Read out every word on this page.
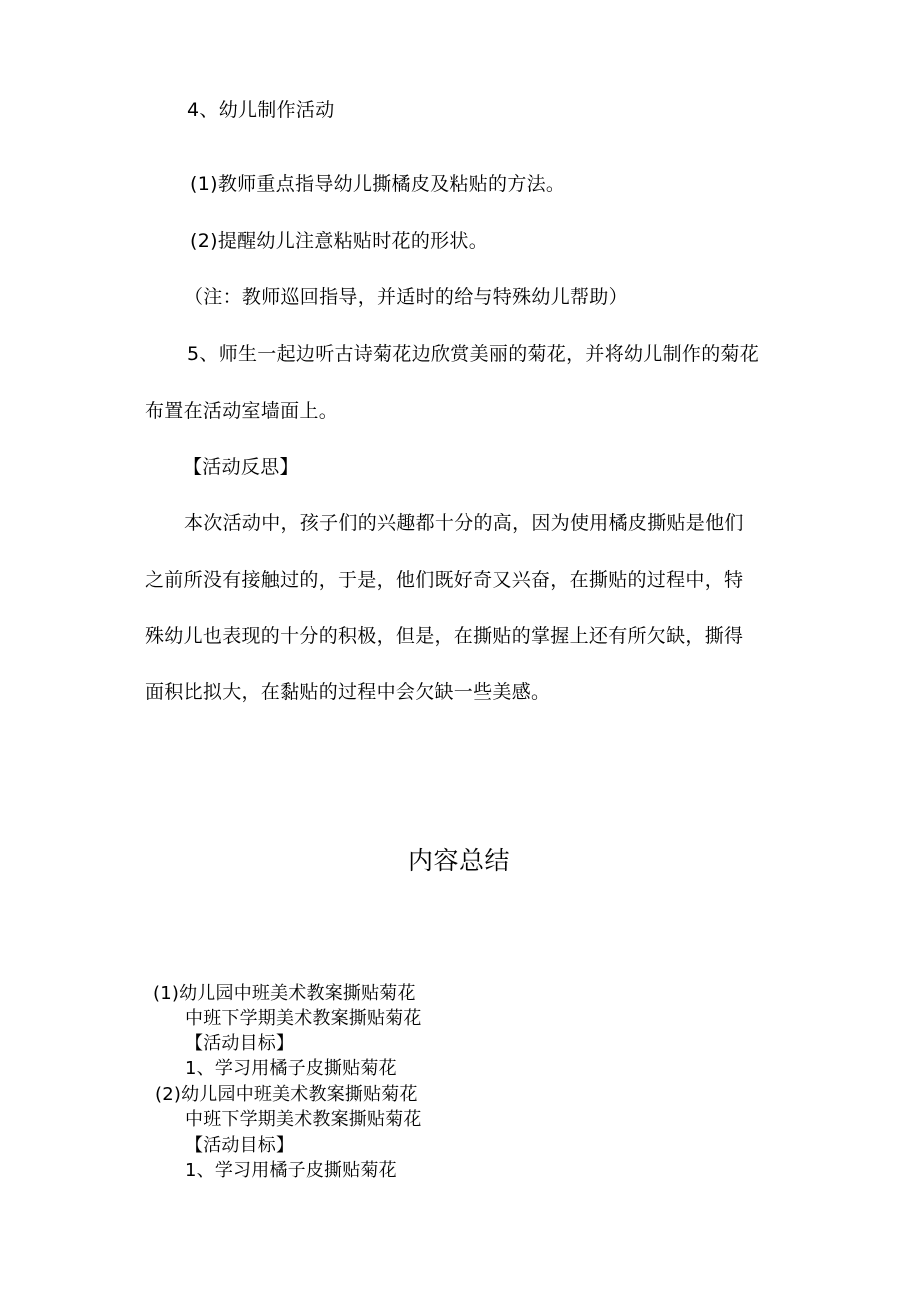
4、幼儿制作活动
(1)教师重点指导幼儿撕橘皮及粘贴的方法。
(2)提醒幼儿注意粘贴时花的形状。
（注：教师巡回指导，并适时的给与特殊幼儿帮助）
5、师生一起边听古诗菊花边欣赏美丽的菊花，并将幼儿制作的菊花
布置在活动室墙面上。
【活动反思】
本次活动中，孩子们的兴趣都十分的高，因为使用橘皮撕贴是他们
之前所没有接触过的，于是，他们既好奇又兴奋，在撕贴的过程中，特
殊幼儿也表现的十分的积极，但是，在撕贴的掌握上还有所欠缺，撕得
面积比拟大，在黏贴的过程中会欠缺一些美感。
内容总结
(1)幼儿园中班美术教案撕贴菊花
中班下学期美术教案撕贴菊花
【活动目标】
1、学习用橘子皮撕贴菊花
(2)幼儿园中班美术教案撕贴菊花
中班下学期美术教案撕贴菊花
【活动目标】
1、学习用橘子皮撕贴菊花
